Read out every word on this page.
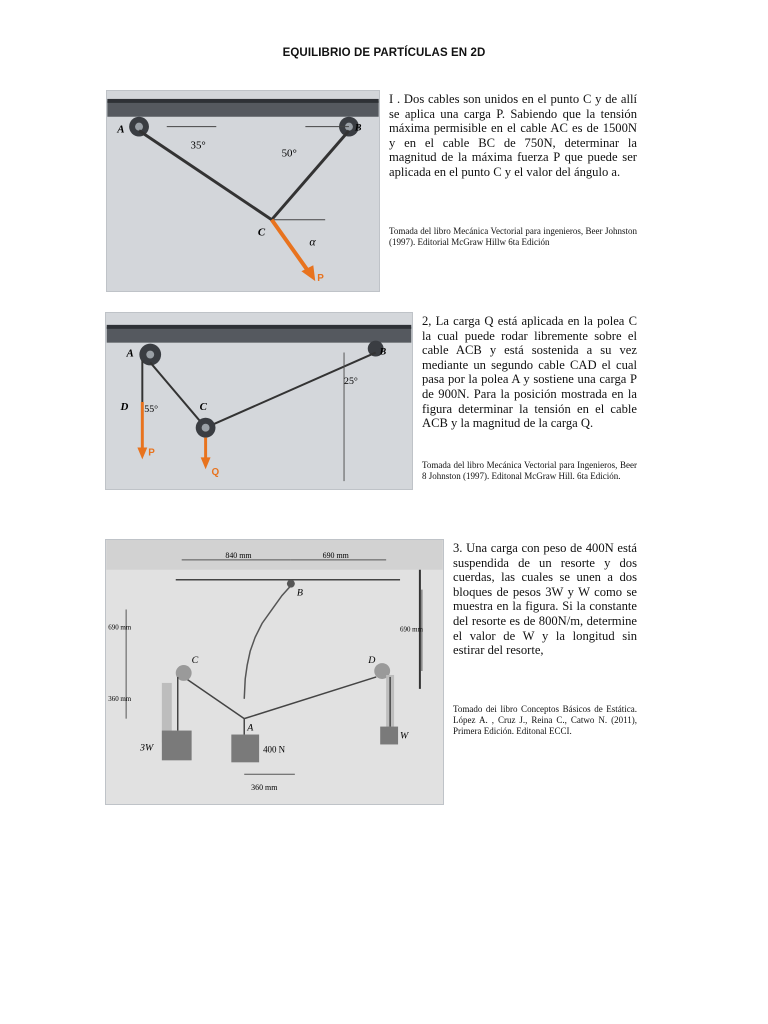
EQUILIBRIO DE PARTÍCULAS EN 2D
A	B
C
P
α
35°
50°
I . Dos cables son unidos en el punto C y de allí se aplica una carga P. Sabiendo que la tensión máxima permisible en el cable AC es de 1500N y en el cable BC de 750N, determinar la magnitud de la máxima fuerza P que puede ser aplicada en el punto C y el valor del ángulo a.
Tomada del libro Mecánica Vectorial para ingenieros, Beer Johnston (1997). Editorial McGraw Hillw 6ta Edición
A	B
C
D
P
Q
55°
25°
2, La carga Q está aplicada en la polea C la cual puede rodar libremente sobre el cable ACB y está sostenida a su vez mediante un segundo cable CAD el cual pasa por la polea A y sostiene una carga P de 900N. Para la posición mostrada en la figura determinar la tensión en el cable ACB y la magnitud de la carga Q.
Tomada del libro Mecánica Vectorial para Ingenieros, Beer 8 Johnston (1997). Editonal McGraw Hill. 6ta Edición.
A
B
C	D
840 mm	690 mm
690 mm
360 mm
690 mm
360 mm
3W	400 N
W
3. Una carga con peso de 400N está suspendida de un resorte y dos cuerdas, las cuales se unen a dos bloques de pesos 3W y W como se muestra en la figura. Si la constante del resorte es de 800N/m, determine el valor de W y la longitud sin estirar del resorte,
Tomado dei libro Conceptos Básicos de Estática. López A. , Cruz J., Reina C., Catwo N. (2011), Primera Edición. Editonal ECCI.
